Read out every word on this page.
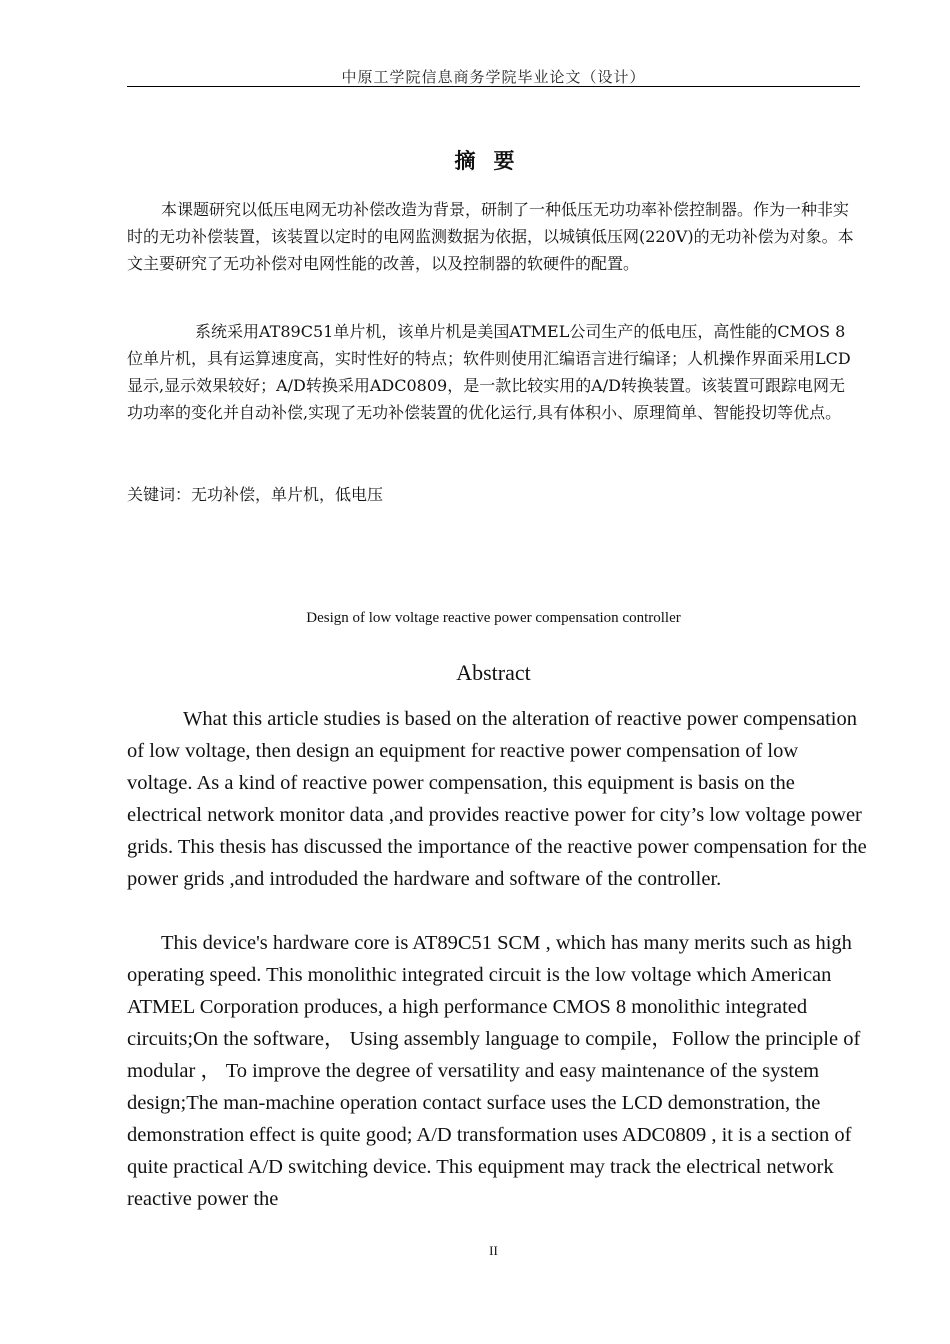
中原工学院信息商务学院毕业论文（设计）
摘要

本课题研究以低压电网无功补偿改造为背景，研制了一种低压无功功率补偿控制器。作为一种非实时的无功补偿装置，该装置以定时的电网监测数据为依据，以城镇低压网(220V)的无功补偿为对象。本文主要研究了无功补偿对电网性能的改善，以及控制器的软硬件的配置。

系统采用AT89C51单片机，该单片机是美国ATMEL公司生产的低电压，高性能的CMOS 8位单片机，具有运算速度高，实时性好的特点；软件则使用汇编语言进行编译；人机操作界面采用LCD显示,显示效果较好；A/D转换采用ADC0809，是一款比较实用的A/D转换装置。该装置可跟踪电网无功功率的变化并自动补偿,实现了无功补偿装置的优化运行,具有体积小、原理简单、智能投切等优点。

关键词：无功补偿，单片机，低电压
Design of low voltage reactive power compensation controller
Abstract

What this article studies is based on the alteration of reactive power compensation of low voltage, then design an equipment for reactive power compensation of low voltage. As a kind of reactive power compensation, this equipment is basis on the electrical network monitor data ,and provides reactive power for city’s low voltage power grids. This thesis has discussed the importance of the reactive power compensation for the power grids ,and introduded the hardware and software of the controller.

This device's hardware core is AT89C51 SCM , which has many merits such as high operating speed. This monolithic integrated circuit is the low voltage which American ATMEL Corporation produces, a high performance CMOS 8 monolithic integrated circuits;On the software， Using assembly language to compile，Follow the principle of modular ， To improve the degree of versatility and easy maintenance of the system design;The man-machine operation contact surface uses the LCD demonstration, the demonstration effect is quite good; A/D transformation uses ADC0809 , it is a section of quite practical A/D switching device. This equipment may track the electrical network reactive power the

II
